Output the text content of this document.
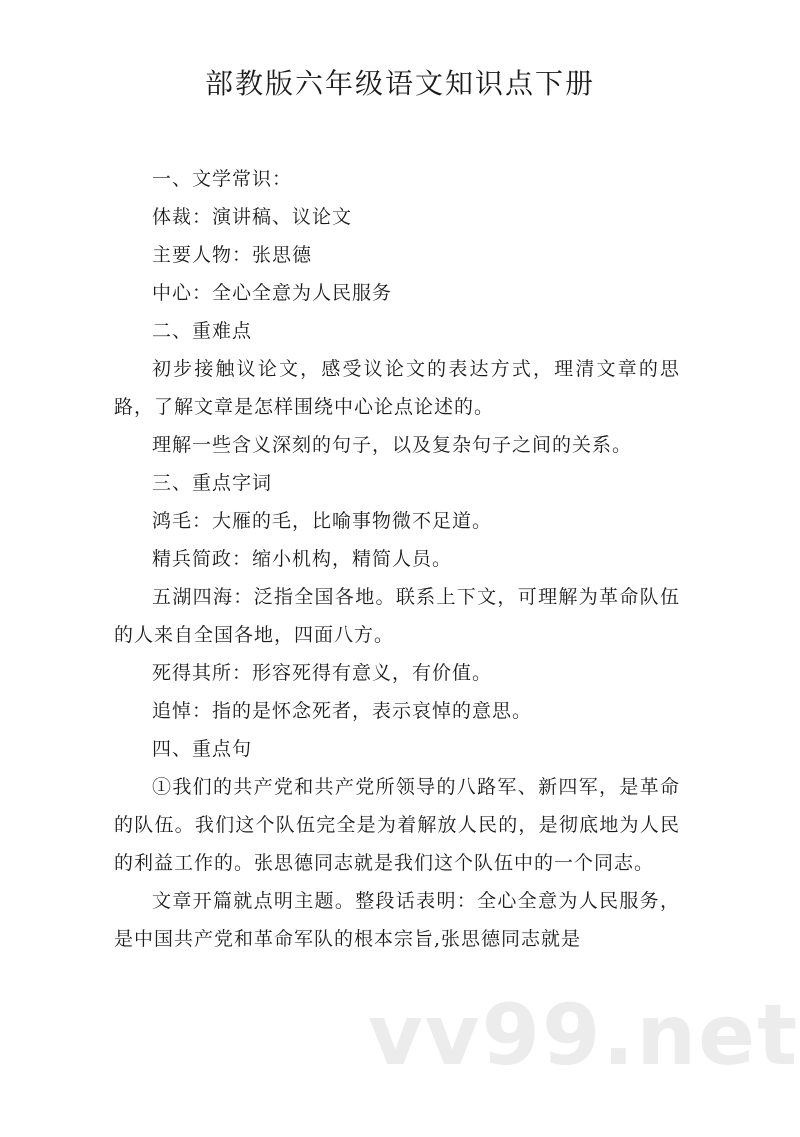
部教版六年级语文知识点下册

一、文学常识：

体裁：演讲稿、议论文

主要人物：张思德

中心：全心全意为人民服务

二、重难点

初步接触议论文，感受议论文的表达方式，理清文章的思路，了解文章是怎样围绕中心论点论述的。

理解一些含义深刻的句子，以及复杂句子之间的关系。

三、重点字词

鸿毛：大雁的毛，比喻事物微不足道。

精兵简政：缩小机构，精简人员。

五湖四海：泛指全国各地。联系上下文，可理解为革命队伍的人来自全国各地，四面八方。

死得其所：形容死得有意义，有价值。

追悼：指的是怀念死者，表示哀悼的意思。

四、重点句

①我们的共产党和共产党所领导的八路军、新四军，是革命的队伍。我们这个队伍完全是为着解放人民的，是彻底地为人民的利益工作的。张思德同志就是我们这个队伍中的一个同志。

文章开篇就点明主题。整段话表明：全心全意为人民服务，是中国共产党和革命军队的根本宗旨,张思德同志就是

vv99.net
